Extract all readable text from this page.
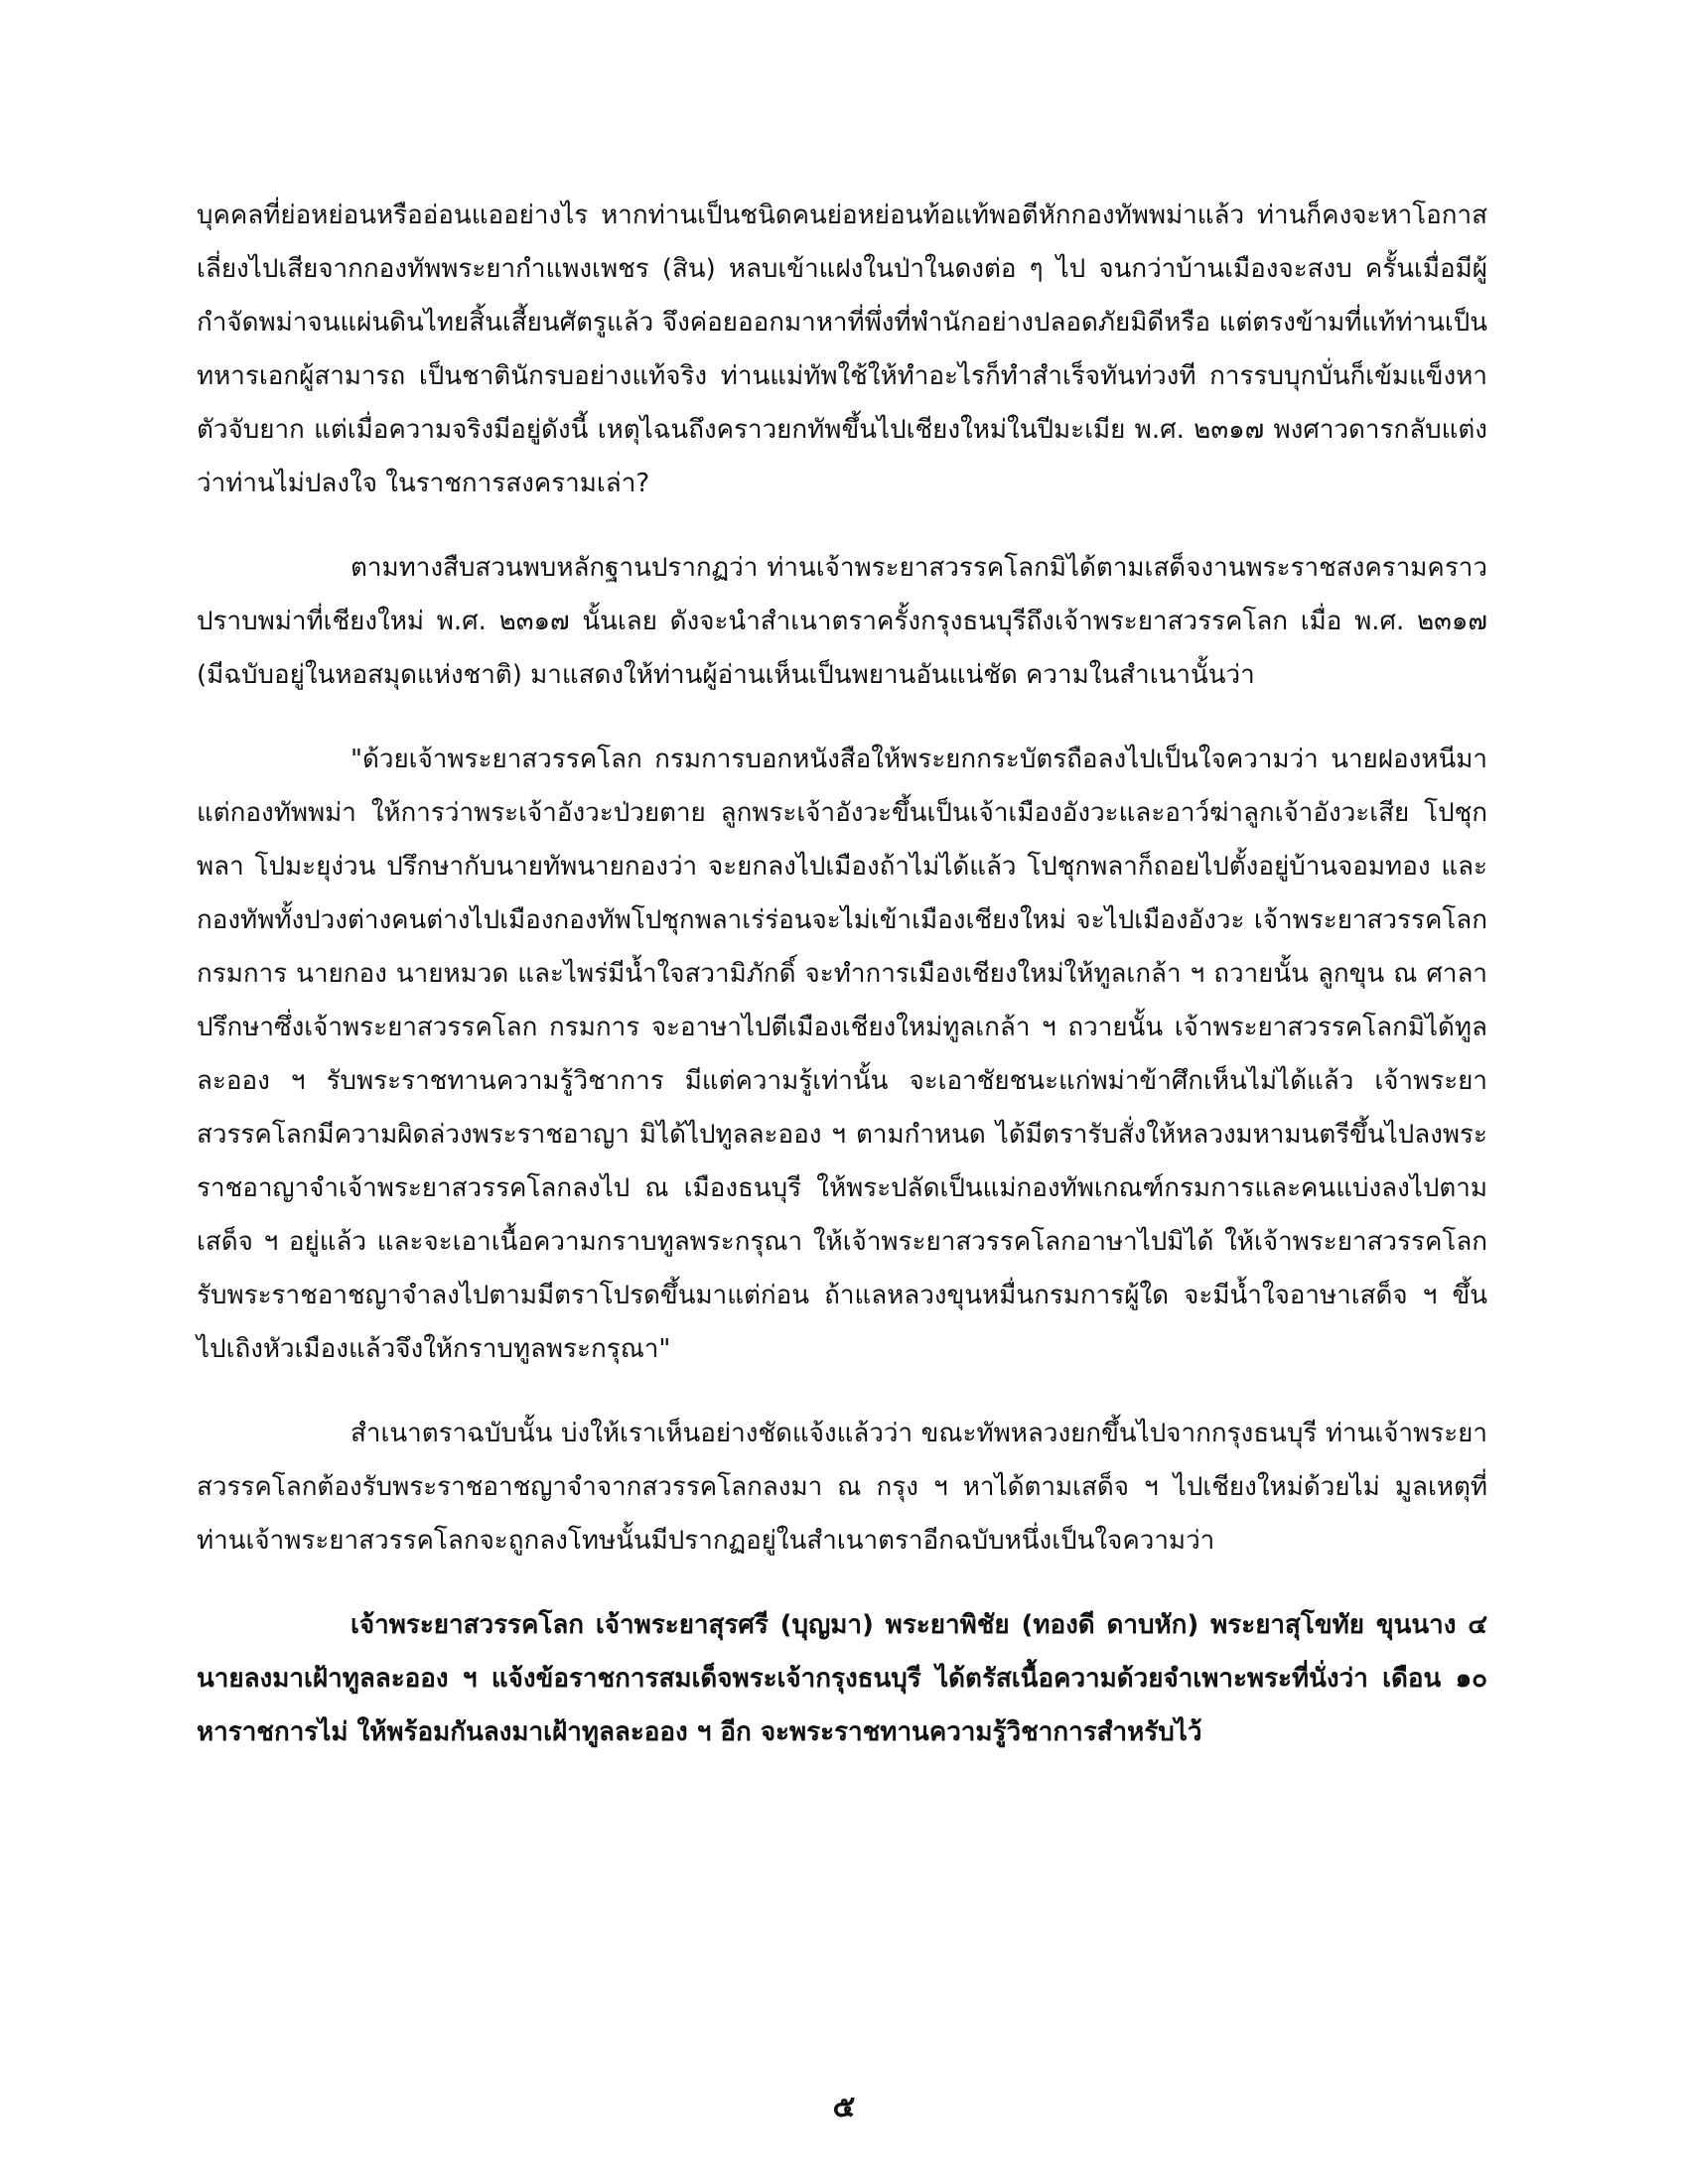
บุคคลที่ย่อหย่อนหรืออ่อนแออย่างไร หากท่านเป็นชนิดคนย่อหย่อนท้อแท้พอตีหักกองทัพพม่าแล้ว ท่านก็คงจะหาโอกาสเลี่ยงไปเสียจากกองทัพพระยากำแพงเพชร (สิน) หลบเข้าแฝงในป่าในดงต่อ ๆ ไป จนกว่าบ้านเมืองจะสงบ ครั้นเมื่อมีผู้กำจัดพม่าจนแผ่นดินไทยสิ้นเสี้ยนศัตรูแล้ว จึงค่อยออกมาหาที่พึ่งที่พำนักอย่างปลอดภัยมิดีหรือ แต่ตรงข้ามที่แท้ท่านเป็นทหารเอกผู้สามารถ เป็นชาตินักรบอย่างแท้จริง ท่านแม่ทัพใช้ให้ทำอะไรก็ทำสำเร็จทันท่วงที การรบบุกบั่นก็เข้มแข็งหาตัวจับยาก แต่เมื่อความจริงมีอยู่ดังนี้ เหตุไฉนถึงคราวยกทัพขึ้นไปเชียงใหม่ในปีมะเมีย พ.ศ. ๒๓๑๗ พงศาวดารกลับแต่งว่าท่านไม่ปลงใจ ในราชการสงครามเล่า?

ตามทางสืบสวนพบหลักฐานปรากฏว่า ท่านเจ้าพระยาสวรรคโลกมิได้ตามเสด็จงานพระราชสงครามคราวปราบพม่าที่เชียงใหม่ พ.ศ. ๒๓๑๗ นั้นเลย ดังจะนำสำเนาตราครั้งกรุงธนบุรีถึงเจ้าพระยาสวรรคโลก เมื่อ พ.ศ. ๒๓๑๗ (มีฉบับอยู่ในหอสมุดแห่งชาติ) มาแสดงให้ท่านผู้อ่านเห็นเป็นพยานอันแน่ชัด ความในสำเนานั้นว่า

"ด้วยเจ้าพระยาสวรรคโลก กรมการบอกหนังสือให้พระยกกระบัตรถือลงไปเป็นใจความว่า นายฝองหนีมาแต่กองทัพพม่า ให้การว่าพระเจ้าอังวะป่วยตาย ลูกพระเจ้าอังวะขึ้นเป็นเจ้าเมืองอังวะและอาว์ฆ่าลูกเจ้าอังวะเสีย โปชุกพลา โปมะยุง่วน ปรึกษากับนายทัพนายกองว่า จะยกลงไปเมืองถ้าไม่ได้แล้ว โปชุกพลาก็ถอยไปตั้งอยู่บ้านจอมทอง และกองทัพทั้งปวงต่างคนต่างไปเมืองกองทัพโปชุกพลาเร่ร่อนจะไม่เข้าเมืองเชียงใหม่ จะไปเมืองอังวะ เจ้าพระยาสวรรคโลก กรมการ นายกอง นายหมวด และไพร่มีน้ำใจสวามิภักดิ์ จะทำการเมืองเชียงใหม่ให้ทูลเกล้า ฯ ถวายนั้น ลูกขุน ณ ศาลาปรึกษาซึ่งเจ้าพระยาสวรรคโลก กรมการ จะอาษาไปตีเมืองเชียงใหม่ทูลเกล้า ฯ ถวายนั้น เจ้าพระยาสวรรคโลกมิได้ทูลละออง ฯ รับพระราชทานความรู้วิชาการ มีแต่ความรู้เท่านั้น จะเอาชัยชนะแก่พม่าข้าศึกเห็นไม่ได้แล้ว เจ้าพระยาสวรรคโลกมีความผิดล่วงพระราชอาญา มิได้ไปทูลละออง ฯ ตามกำหนด ได้มีตรารับสั่งให้หลวงมหามนตรีขึ้นไปลงพระราชอาญาจำเจ้าพระยาสวรรคโลกลงไป ณ เมืองธนบุรี ให้พระปลัดเป็นแม่กองทัพเกณฑ์กรมการและคนแบ่งลงไปตามเสด็จ ฯ อยู่แล้ว และจะเอาเนื้อความกราบทูลพระกรุณา ให้เจ้าพระยาสวรรคโลกอาษาไปมิได้ ให้เจ้าพระยาสวรรคโลกรับพระราชอาชญาจำลงไปตามมีตราโปรดขึ้นมาแต่ก่อน ถ้าแลหลวงขุนหมื่นกรมการผู้ใด จะมีน้ำใจอาษาเสด็จ ฯ ขึ้นไปเถิงหัวเมืองแล้วจึงให้กราบทูลพระกรุณา"

สำเนาตราฉบับนั้น บ่งให้เราเห็นอย่างชัดแจ้งแล้วว่า ขณะทัพหลวงยกขึ้นไปจากกรุงธนบุรี ท่านเจ้าพระยาสวรรคโลกต้องรับพระราชอาชญาจำจากสวรรคโลกลงมา ณ กรุง ฯ หาได้ตามเสด็จ ฯ ไปเชียงใหม่ด้วยไม่ มูลเหตุที่ท่านเจ้าพระยาสวรรคโลกจะถูกลงโทษนั้นมีปรากฏอยู่ในสำเนาตราอีกฉบับหนึ่งเป็นใจความว่า

เจ้าพระยาสวรรคโลก เจ้าพระยาสุรศรี (บุญมา) พระยาพิชัย (ทองดี ดาบหัก) พระยาสุโขทัย ขุนนาง ๔ นายลงมาเฝ้าทูลละออง ฯ แจ้งข้อราชการสมเด็จพระเจ้ากรุงธนบุรี ได้ตรัสเนื้อความด้วยจำเพาะพระที่นั่งว่า เดือน ๑๐ หาราชการไม่ ให้พร้อมกันลงมาเฝ้าทูลละออง ฯ อีก จะพระราชทานความรู้วิชาการสำหรับไว้

๕
